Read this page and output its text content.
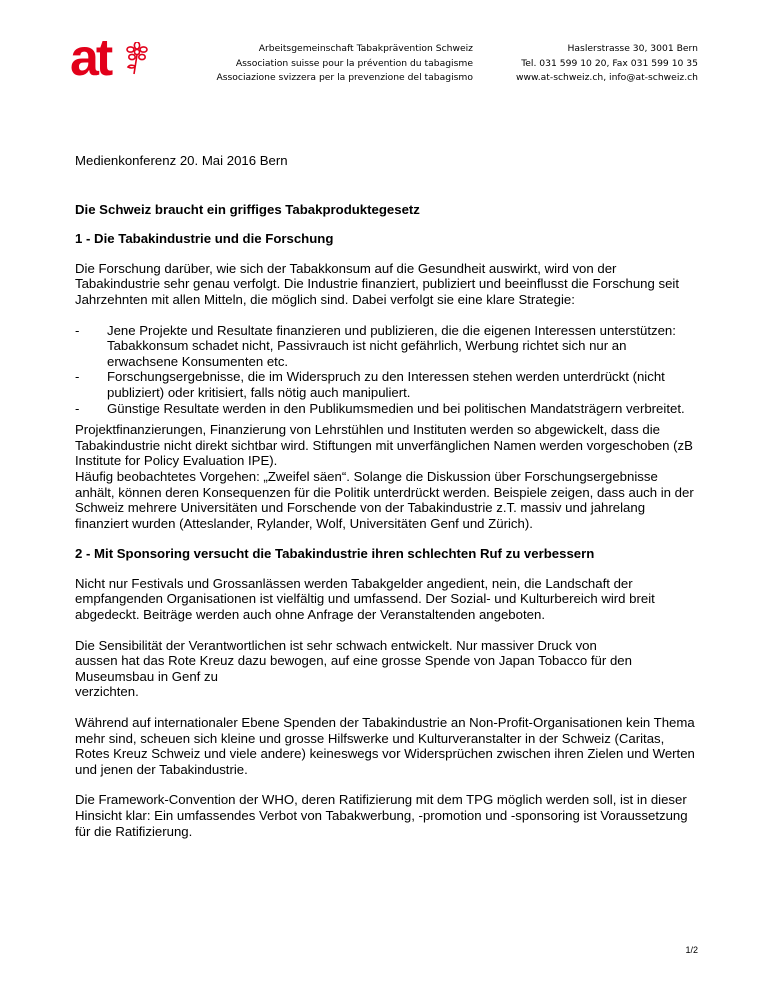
at	Arbeitsgemeinschaft Tabakprävention Schweiz
Association suisse pour la prévention du tabagisme
Associazione svizzera per la prevenzione del tabagismo
Haslerstrasse 30, 3001 Bern
Tel. 031 599 10 20, Fax 031 599 10 35
www.at-schweiz.ch, info@at-schweiz.ch

Medienkonferenz 20. Mai 2016 Bern

Die Schweiz braucht ein griffiges Tabakproduktegesetz

1 - Die Tabakindustrie und die Forschung

Die Forschung darüber, wie sich der Tabakkonsum auf die Gesundheit auswirkt, wird von der Tabakindustrie sehr genau verfolgt. Die Industrie finanziert, publiziert und beeinflusst die Forschung seit Jahrzehnten mit allen Mitteln, die möglich sind. Dabei verfolgt sie eine klare Strategie:

- Jene Projekte und Resultate finanzieren und publizieren, die die eigenen Interessen unterstützen: Tabakkonsum schadet nicht, Passivrauch ist nicht gefährlich, Werbung richtet sich nur an erwachsene Konsumenten etc.
- Forschungsergebnisse, die im Widerspruch zu den Interessen stehen werden unterdrückt (nicht publiziert) oder kritisiert, falls nötig auch manipuliert.
- Günstige Resultate werden in den Publikumsmedien und bei politischen Mandatsträgern verbreitet.

Projektfinanzierungen, Finanzierung von Lehrstühlen und Instituten werden so abgewickelt, dass die Tabakindustrie nicht direkt sichtbar wird. Stiftungen mit unverfänglichen Namen werden vorgeschoben (zB Institute for Policy Evaluation IPE).

Häufig beobachtetes Vorgehen: „Zweifel säen“. Solange die Diskussion über Forschungsergebnisse anhält, können deren Konsequenzen für die Politik unterdrückt werden. Beispiele zeigen, dass auch in der Schweiz mehrere Universitäten und Forschende von der Tabakindustrie z.T. massiv und jahrelang finanziert wurden (Atteslander, Rylander, Wolf, Universitäten Genf und Zürich).

2 - Mit Sponsoring versucht die Tabakindustrie ihren schlechten Ruf zu verbessern

Nicht nur Festivals und Grossanlässen werden Tabakgelder angedient, nein, die Landschaft der empfangenden Organisationen ist vielfältig und umfassend. Der Sozial- und Kulturbereich wird breit abgedeckt. Beiträge werden auch ohne Anfrage der Veranstaltenden angeboten.

Die Sensibilität der Verantwortlichen ist sehr schwach entwickelt. Nur massiver Druck von aussen hat das Rote Kreuz dazu bewogen, auf eine grosse Spende von Japan Tobacco für den Museumsbau in Genf zu

verzichten.

Während auf internationaler Ebene Spenden der Tabakindustrie an Non-Profit-Organisationen kein Thema mehr sind, scheuen sich kleine und grosse Hilfswerke und Kulturveranstalter in der Schweiz (Caritas, Rotes Kreuz Schweiz und viele andere) keineswegs vor Widersprüchen zwischen ihren Zielen und Werten und jenen der Tabakindustrie.

Die Framework-Convention der WHO, deren Ratifizierung mit dem TPG möglich werden soll, ist in dieser Hinsicht klar: Ein umfassendes Verbot von Tabakwerbung, -promotion und -sponsoring ist Voraussetzung für die Ratifizierung.

1/2
